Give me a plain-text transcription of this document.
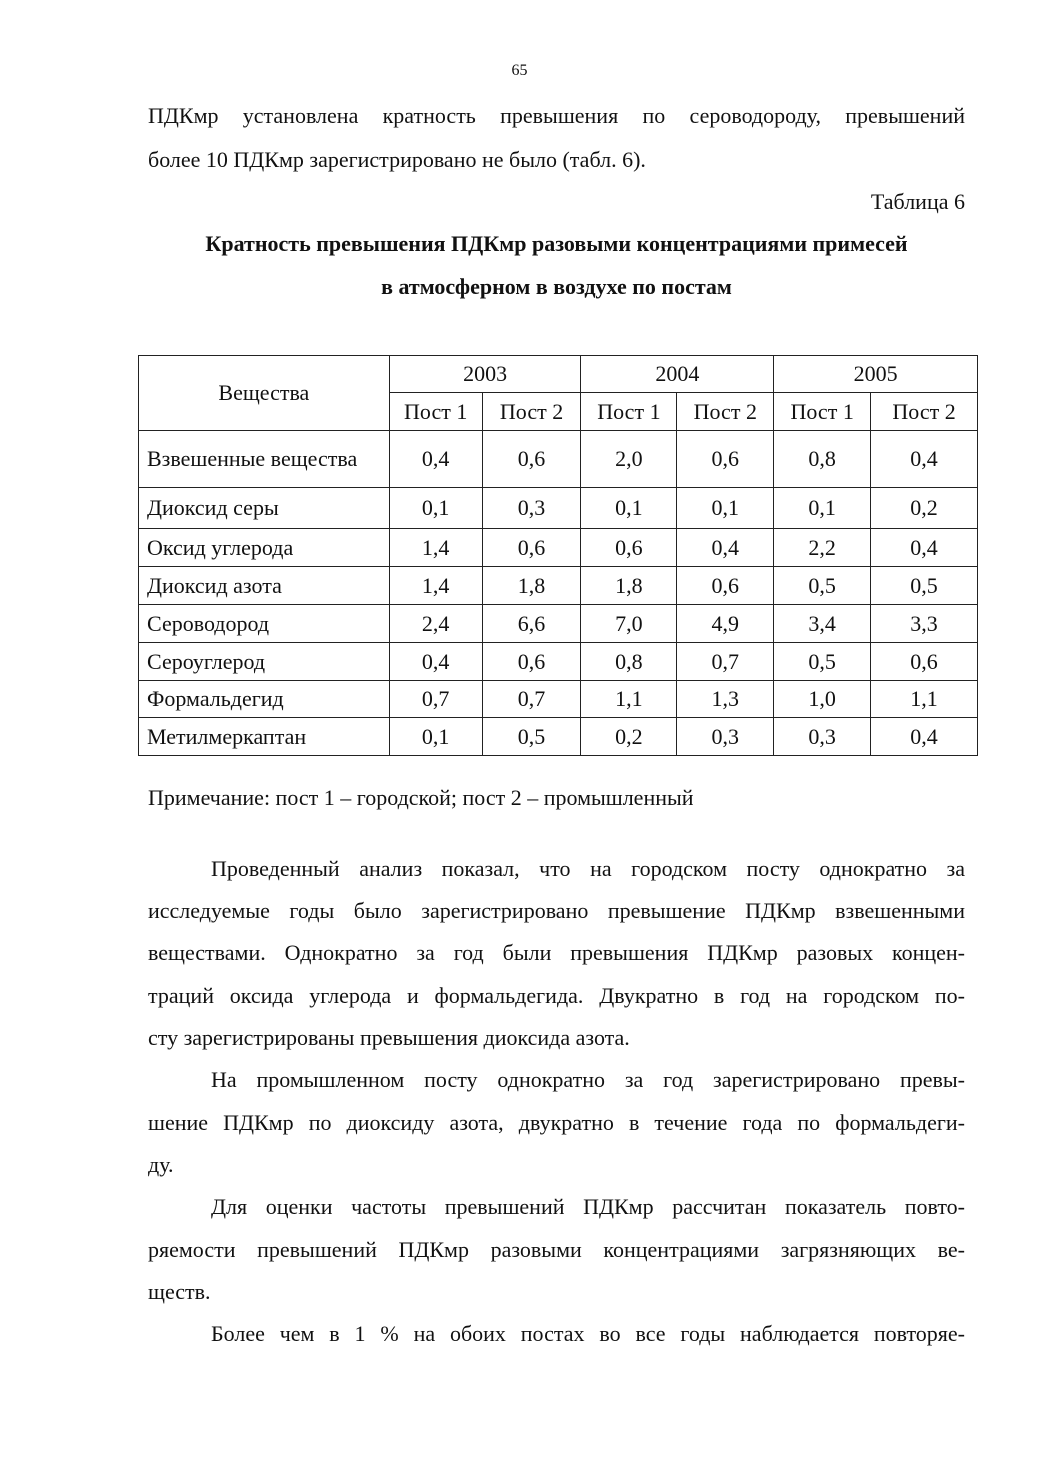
65
ПДКмр установлена кратность превышения по сероводороду, превышений
более 10 ПДКмр зарегистрировано не было (табл. 6).
Таблица 6
Кратность превышения ПДКмр разовыми концентрациями примесей
в атмосферном в воздухе по постам
Вещества	2003		2004		2005	
	Пост 1	Пост 2	Пост 1	Пост 2	Пост 1	Пост 2
Взвешенные вещества	0,4	0,6	2,0	0,6	0,8	0,4
Диоксид серы	0,1	0,3	0,1	0,1	0,1	0,2
Оксид углерода	1,4	0,6	0,6	0,4	2,2	0,4
Диоксид азота	1,4	1,8	1,8	0,6	0,5	0,5
Сероводород	2,4	6,6	7,0	4,9	3,4	3,3
Сероуглерод	0,4	0,6	0,8	0,7	0,5	0,6
Формальдегид	0,7	0,7	1,1	1,3	1,0	1,1
Метилмеркаптан	0,1	0,5	0,2	0,3	0,3	0,4
Примечание: пост 1 – городской; пост 2 – промышленный
Проведенный анализ показал, что на городском посту однократно за
исследуемые годы было зарегистрировано превышение ПДКмр взвешенными
веществами. Однократно за год были превышения ПДКмр разовых концен-
траций оксида углерода и формальдегида. Двукратно в год на городском по-
сту зарегистрированы превышения диоксида азота.
На промышленном посту однократно за год зарегистрировано превы-
шение ПДКмр по диоксиду азота, двукратно в течение года по формальдеги-
ду.
Для оценки частоты превышений ПДКмр рассчитан показатель повто-
ряемости превышений ПДКмр разовыми концентрациями загрязняющих ве-
ществ.
Более чем в 1 % на обоих постах во все годы наблюдается повторяе-
